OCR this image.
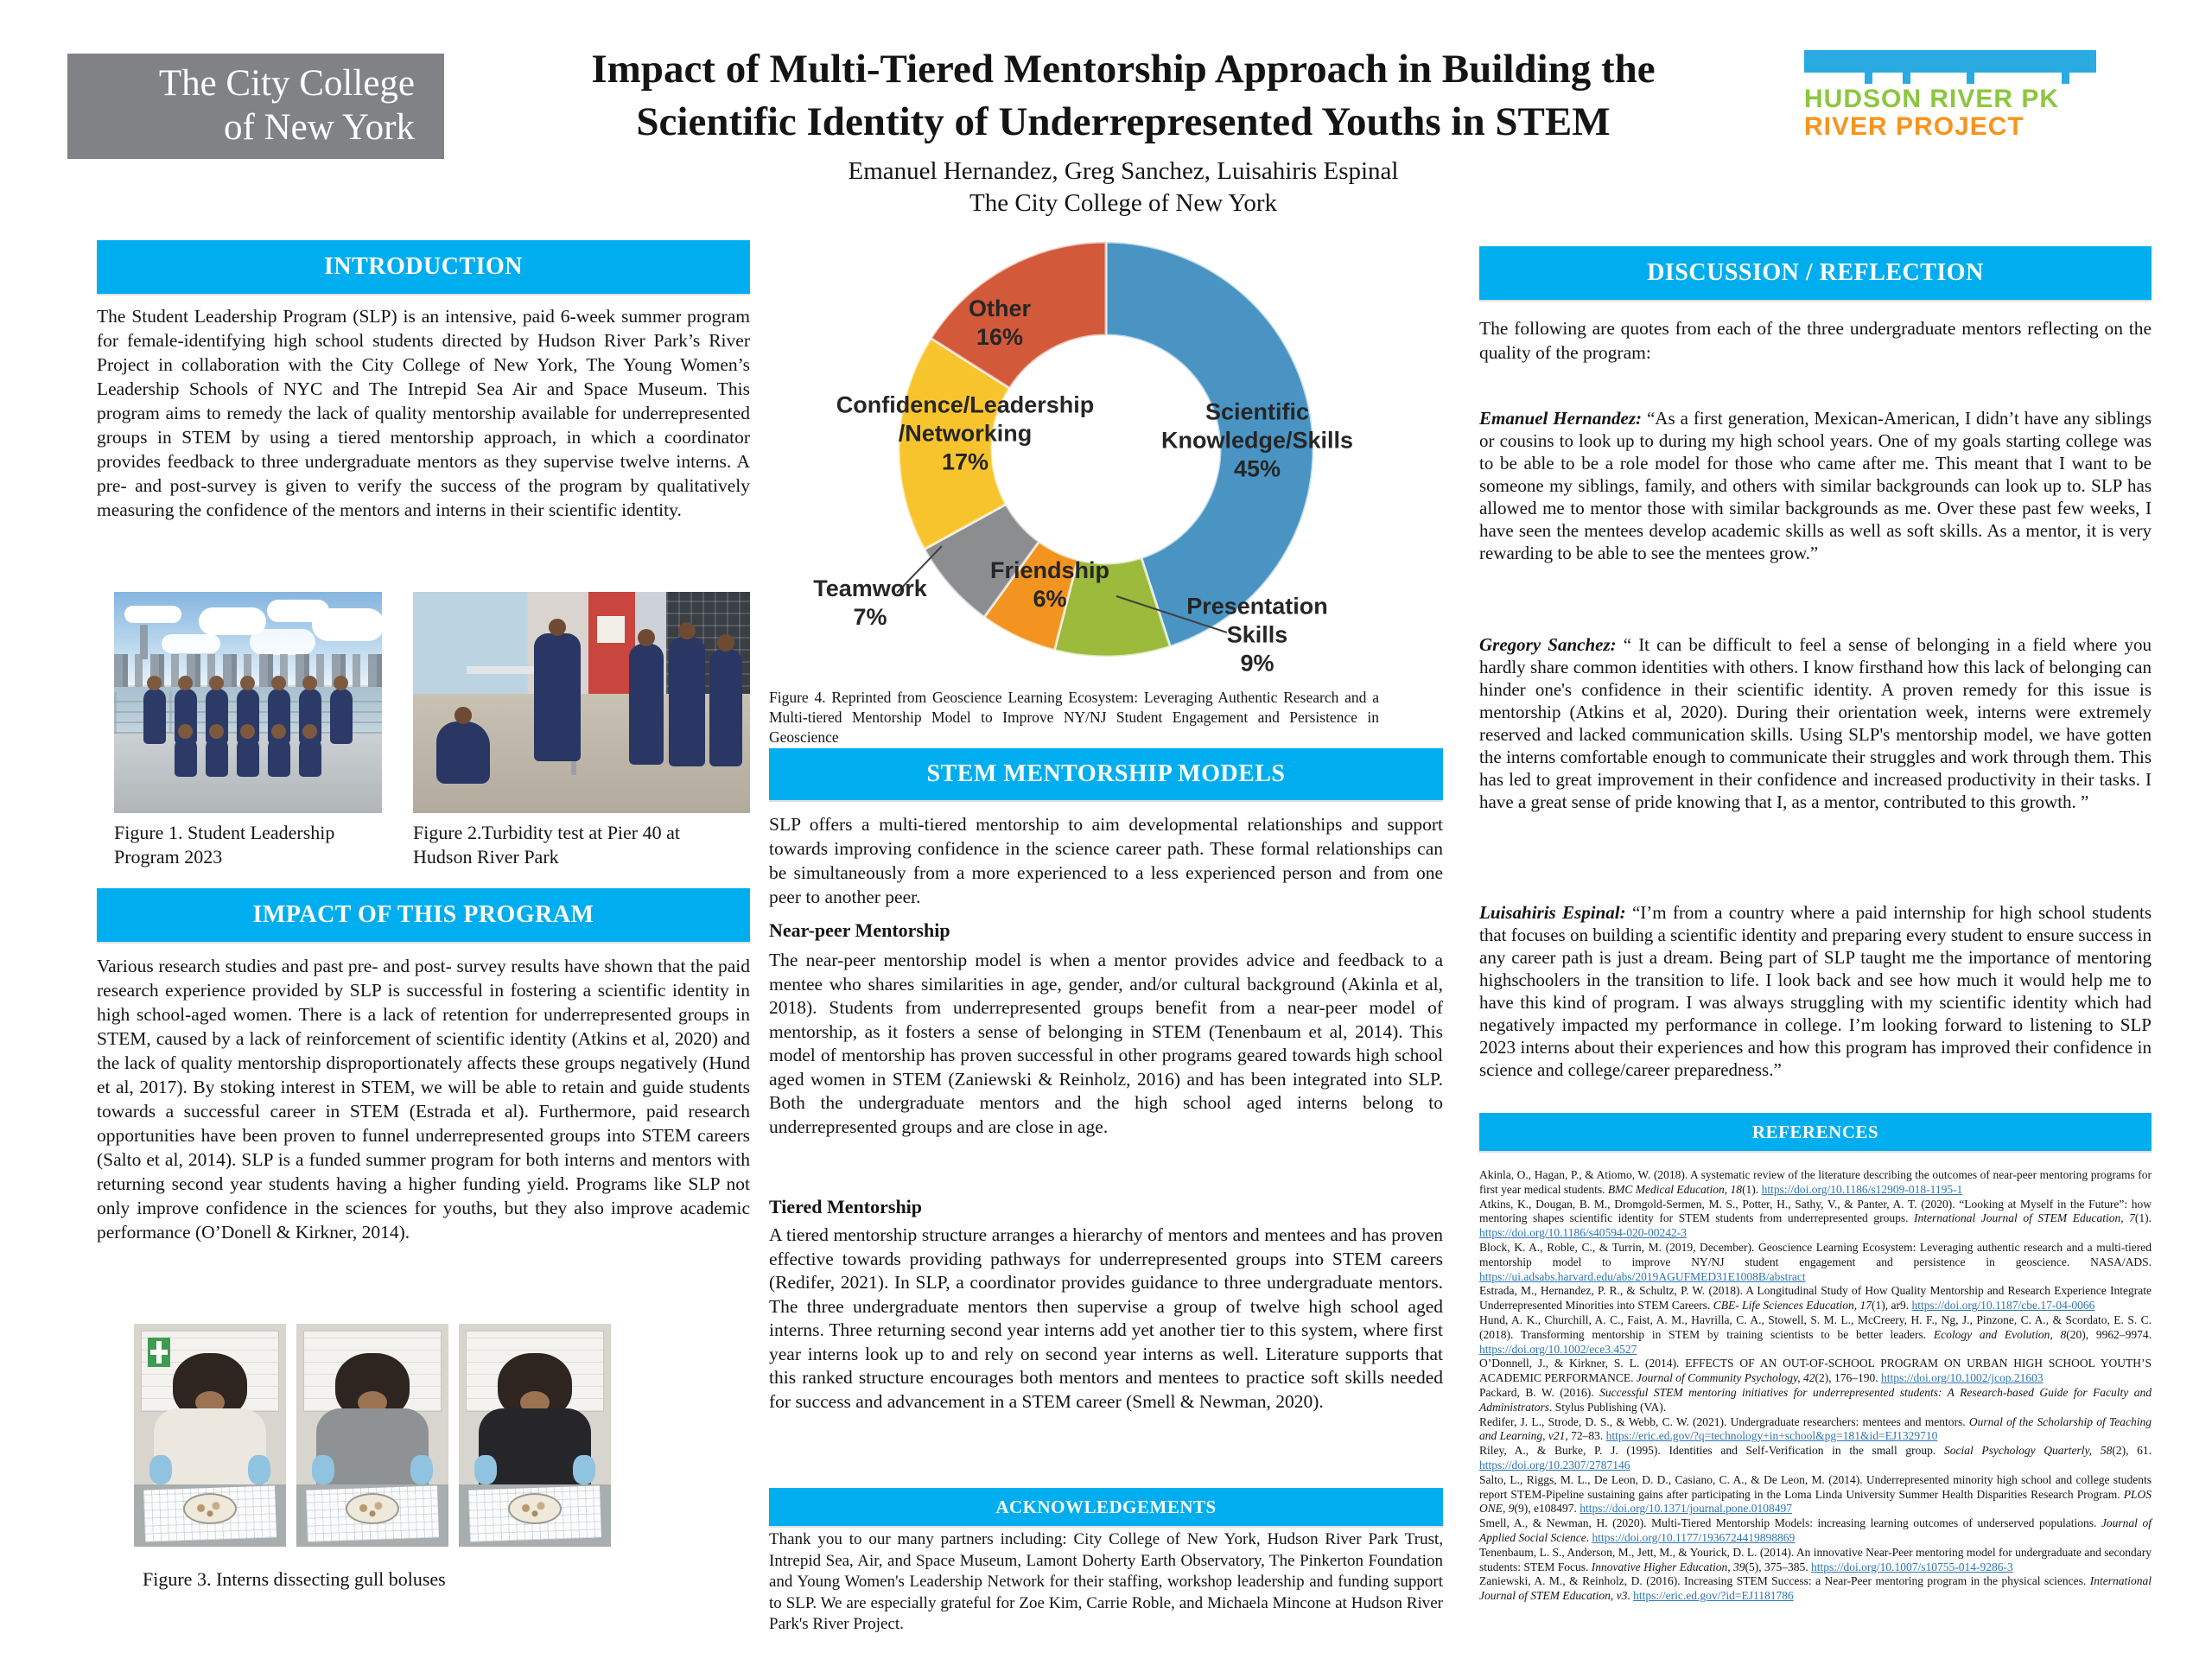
The City College
of New York
Impact of Multi-Tiered Mentorship Approach in Building the
Scientific Identity of Underrepresented Youths in STEM
Emanuel Hernandez, Greg Sanchez, Luisahiris Espinal
The City College of New York
HUDSON RIVER PK
RIVER PROJECT
INTRODUCTION
The Student Leadership Program (SLP) is an intensive, paid 6-week summer program for female-identifying high school students directed by Hudson River Park’s River Project in collaboration with the City College of New York, The Young Women’s Leadership Schools of NYC and The Intrepid Sea Air and Space Museum. This program aims to remedy the lack of quality mentorship available for underrepresented groups in STEM by using a tiered mentorship approach, in which a coordinator provides feedback to three undergraduate mentors as they supervise twelve interns. A pre- and post-survey is given to verify the success of the program by qualitatively measuring the confidence of the mentors and interns in their scientific identity.
Figure 1. Student Leadership Program 2023
Figure 2.Turbidity test at Pier 40 at Hudson River Park
IMPACT OF THIS PROGRAM
Various research studies and past pre- and post- survey results have shown that the paid research experience provided by SLP is successful in fostering a scientific identity in high school-aged women. There is a lack of retention for underrepresented groups in STEM, caused by a lack of reinforcement of scientific identity (Atkins et al, 2020) and the lack of quality mentorship disproportionately affects these groups negatively (Hund et al, 2017). By stoking interest in STEM, we will be able to retain and guide students towards a successful career in STEM (Estrada et al). Furthermore, paid research opportunities have been proven to funnel underrepresented groups into STEM careers (Salto et al, 2014). SLP is a funded summer program for both interns and mentors with returning second year students having a higher funding yield. Programs like SLP not only improve confidence in the sciences for youths, but they also improve academic performance (O’Donell & Kirkner, 2014).
Figure 3. Interns dissecting gull boluses
Scientific
Knowledge/Skills
45%
Presentation
Skills
9%
Friendship
6%
Teamwork
7%
Confidence/Leadership
/Networking
17%
Other
16%
Figure 4. Reprinted from Geoscience Learning Ecosystem: Leveraging Authentic Research and a Multi-tiered Mentorship Model to Improve NY/NJ Student Engagement and Persistence in Geoscience
STEM MENTORSHIP MODELS
SLP offers a multi-tiered mentorship to aim developmental relationships and support towards improving confidence in the science career path. These formal relationships can be simultaneously from a more experienced to a less experienced person and from one peer to another peer.
Near-peer Mentorship
The near-peer mentorship model is when a mentor provides advice and feedback to a mentee who shares similarities in age, gender, and/or cultural background (Akinla et al, 2018). Students from underrepresented groups benefit from a near-peer model of mentorship, as it fosters a sense of belonging in STEM (Tenenbaum et al, 2014). This model of mentorship has proven successful in other programs geared towards high school aged women in STEM (Zaniewski & Reinholz, 2016) and has been integrated into SLP. Both the undergraduate mentors and the high school aged interns belong to underrepresented groups and are close in age.
Tiered Mentorship
A tiered mentorship structure arranges a hierarchy of mentors and mentees and has proven effective towards providing pathways for underrepresented groups into STEM careers (Redifer, 2021). In SLP, a coordinator provides guidance to three undergraduate mentors. The three undergraduate mentors then supervise a group of twelve high school aged interns. Three returning second year interns add yet another tier to this system, where first year interns look up to and rely on second year interns as well. Literature supports that this ranked structure encourages both mentors and mentees to practice soft skills needed for success and advancement in a STEM career (Smell & Newman, 2020).
ACKNOWLEDGEMENTS
Thank you to our many partners including: City College of New York, Hudson River Park Trust, Intrepid Sea, Air, and Space Museum, Lamont Doherty Earth Observatory, The Pinkerton Foundation and Young Women's Leadership Network for their staffing, workshop leadership and funding support to SLP. We are especially grateful for Zoe Kim, Carrie Roble, and Michaela Mincone at Hudson River Park's River Project.
DISCUSSION / REFLECTION
The following are quotes from each of the three undergraduate mentors reflecting on the quality of the program:

Emanuel Hernandez: “As a first generation, Mexican-American, I didn’t have any siblings or cousins to look up to during my high school years. One of my goals starting college was to be able to be a role model for those who came after me. This meant that I want to be someone my siblings, family, and others with similar backgrounds can look up to. SLP has allowed me to mentor those with similar backgrounds as me. Over these past few weeks, I have seen the mentees develop academic skills as well as soft skills. As a mentor, it is very rewarding to be able to see the mentees grow.”

Gregory Sanchez: “ It can be difficult to feel a sense of belonging in a field where you hardly share common identities with others. I know firsthand how this lack of belonging can hinder one's confidence in their scientific identity. A proven remedy for this issue is mentorship (Atkins et al, 2020). During their orientation week, interns were extremely reserved and lacked communication skills. Using SLP's mentorship model, we have gotten the interns comfortable enough to communicate their struggles and work through them. This has led to great improvement in their confidence and increased productivity in their tasks. I have a great sense of pride knowing that I, as a mentor, contributed to this growth. ”

Luisahiris Espinal: “I’m from a country where a paid internship for high school students that focuses on building a scientific identity and preparing every student to ensure success in any career path is just a dream. Being part of SLP taught me the importance of mentoring highschoolers in the transition to life. I look back and see how much it would help me to have this kind of program. I was always struggling with my scientific identity which had negatively impacted my performance in college. I’m looking forward to listening to SLP 2023 interns about their experiences and how this program has improved their confidence in science and college/career preparedness.”

REFERENCES
Akinla, O., Hagan, P., & Atiomo, W. (2018). A systematic review of the literature describing the outcomes of near-peer mentoring programs for first year medical students. BMC Medical Education, 18(1). https://doi.org/10.1186/s12909-018-1195-1
Atkins, K., Dougan, B. M., Dromgold-Sermen, M. S., Potter, H., Sathy, V., & Panter, A. T. (2020). “Looking at Myself in the Future”: how mentoring shapes scientific identity for STEM students from underrepresented groups. International Journal of STEM Education, 7(1). https://doi.org/10.1186/s40594-020-00242-3
Block, K. A., Roble, C., & Turrin, M. (2019, December). Geoscience Learning Ecosystem: Leveraging authentic research and a multi-tiered mentorship model to improve NY/NJ student engagement and persistence in geoscience. NASA/ADS. https://ui.adsabs.harvard.edu/abs/2019AGUFMED31E1008B/abstract
Estrada, M., Hernandez, P. R., & Schultz, P. W. (2018). A Longitudinal Study of How Quality Mentorship and Research Experience Integrate Underrepresented Minorities into STEM Careers. CBE- Life Sciences Education, 17(1), ar9. https://doi.org/10.1187/cbe.17-04-0066
Hund, A. K., Churchill, A. C., Faist, A. M., Havrilla, C. A., Stowell, S. M. L., McCreery, H. F., Ng, J., Pinzone, C. A., & Scordato, E. S. C. (2018). Transforming mentorship in STEM by training scientists to be better leaders. Ecology and Evolution, 8(20), 9962–9974. https://doi.org/10.1002/ece3.4527
O’Donnell, J., & Kirkner, S. L. (2014). EFFECTS OF AN OUT-OF-SCHOOL PROGRAM ON URBAN HIGH SCHOOL YOUTH’S ACADEMIC PERFORMANCE. Journal of Community Psychology, 42(2), 176–190. https://doi.org/10.1002/jcop.21603
Packard, B. W. (2016). Successful STEM mentoring initiatives for underrepresented students: A Research-based Guide for Faculty and Administrators. Stylus Publishing (VA).
Redifer, J. L., Strode, D. S., & Webb, C. W. (2021). Undergraduate researchers: mentees and mentors. Ournal of the Scholarship of Teaching and Learning, v21, 72–83. https://eric.ed.gov/?q=technology+in+school&pg=181&id=EJ1329710
Riley, A., & Burke, P. J. (1995). Identities and Self-Verification in the small group. Social Psychology Quarterly, 58(2), 61. https://doi.org/10.2307/2787146
Salto, L., Riggs, M. L., De Leon, D. D., Casiano, C. A., & De Leon, M. (2014). Underrepresented minority high school and college students report STEM-Pipeline sustaining gains after participating in the Loma Linda University Summer Health Disparities Research Program. PLOS ONE, 9(9), e108497. https://doi.org/10.1371/journal.pone.0108497
Smell, A., & Newman, H. (2020). Multi-Tiered Mentorship Models: increasing learning outcomes of underserved populations. Journal of Applied Social Science. https://doi.org/10.1177/1936724419898869
Tenenbaum, L. S., Anderson, M., Jett, M., & Yourick, D. L. (2014). An innovative Near-Peer mentoring model for undergraduate and secondary students: STEM Focus. Innovative Higher Education, 39(5), 375–385. https://doi.org/10.1007/s10755-014-9286-3
Zaniewski, A. M., & Reinholz, D. (2016). Increasing STEM Success: a Near-Peer mentoring program in the physical sciences. International Journal of STEM Education, v3. https://eric.ed.gov/?id=EJ1181786
